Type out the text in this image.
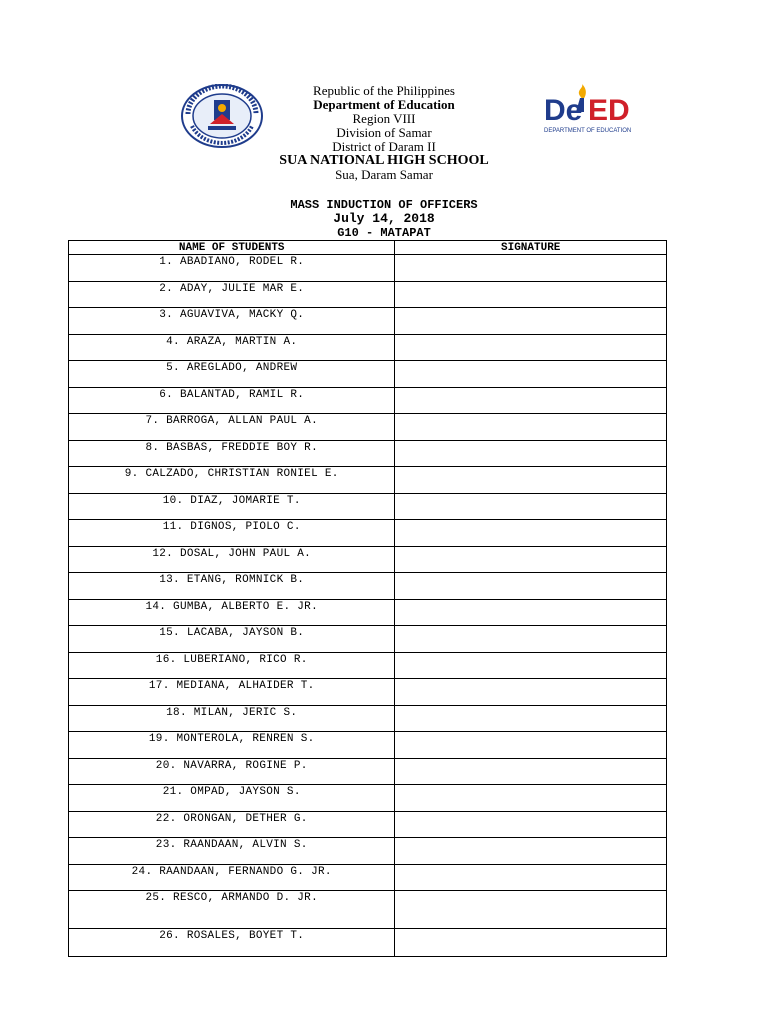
Republic of the Philippines
Department of Education
Region VIII
Division of Samar
District of Daram II
SUA NATIONAL HIGH SCHOOL
Sua, Daram Samar
De ED
DEPARTMENT OF EDUCATION
MASS INDUCTION OF OFFICERS
July 14, 2018
G10 - MATAPAT
NAME OF STUDENTS	SIGNATURE
1. ABADIANO, RODEL R.	
2. ADAY, JULIE MAR E.	
3. AGUAVIVA, MACKY Q.	
4. ARAZA, MARTIN A.	
5. AREGLADO, ANDREW	
6. BALANTAD, RAMIL R.	
7. BARROGA, ALLAN PAUL A.	
8. BASBAS, FREDDIE BOY R.	
9. CALZADO, CHRISTIAN RONIEL E.	
10. DIAZ, JOMARIE T.	
11. DIGNOS, PIOLO C.	
12. DOSAL, JOHN PAUL A.	
13. ETANG, ROMNICK B.	
14. GUMBA, ALBERTO E. JR.	
15. LACABA, JAYSON B.	
16. LUBERIANO, RICO R.	
17. MEDIANA, ALHAIDER T.	
18. MILAN, JERIC S.	
19. MONTEROLA, RENREN S.	
20. NAVARRA, ROGINE P.	
21. OMPAD, JAYSON S.	
22. ORONGAN, DETHER G.	
23. RAANDAAN, ALVIN S.	
24. RAANDAAN, FERNANDO G. JR.	
25. RESCO, ARMANDO D. JR.	
26. ROSALES, BOYET T.	
